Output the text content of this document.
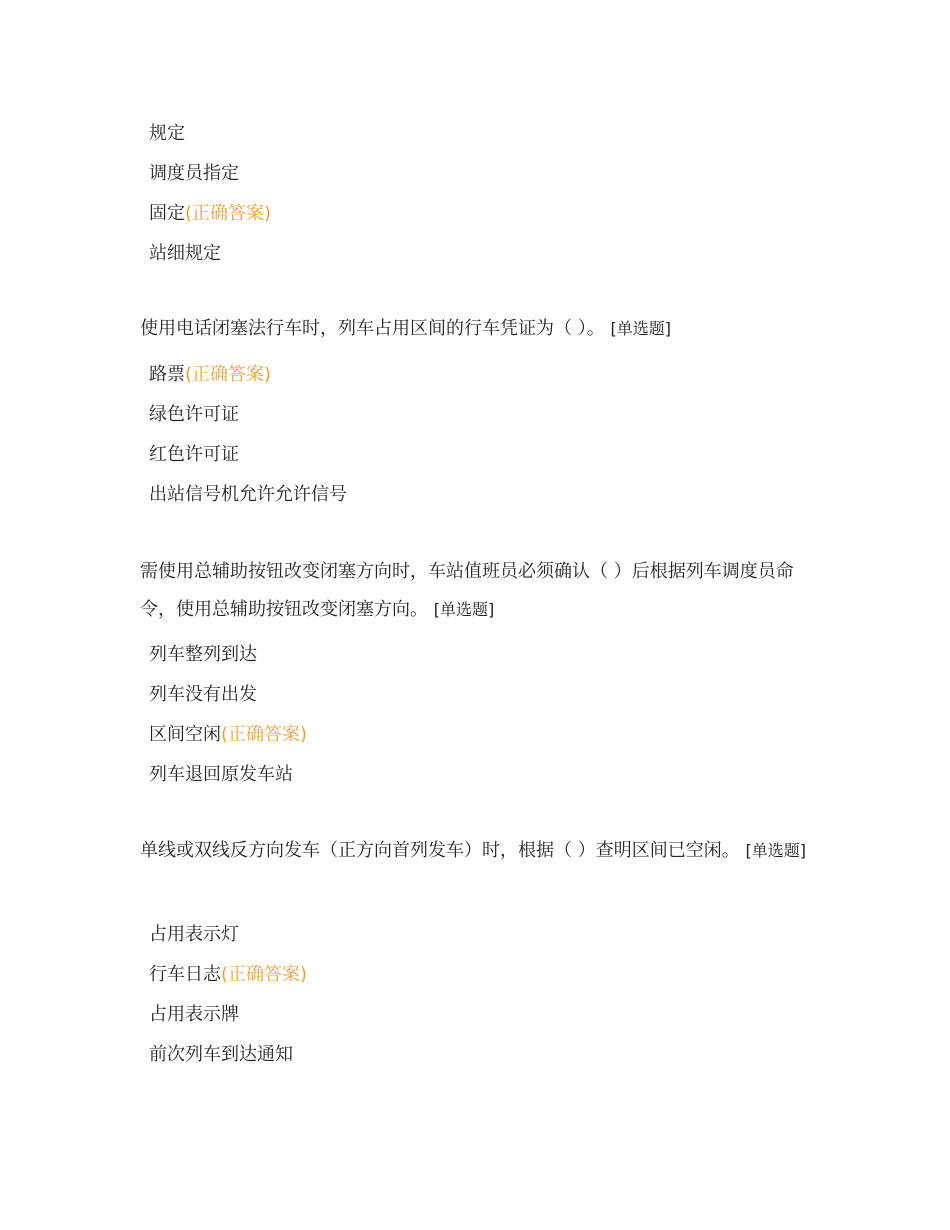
规定
调度员指定
固定(正确答案)
站细规定
使用电话闭塞法行车时，列车占用区间的行车凭证为（ ）。 [单选题]
路票(正确答案)
绿色许可证
红色许可证
出站信号机允许允许信号
需使用总辅助按钮改变闭塞方向时，车站值班员必须确认（ ）后根据列车调度员命令，使用总辅助按钮改变闭塞方向。 [单选题]
列车整列到达
列车没有出发
区间空闲(正确答案)
列车退回原发车站
单线或双线反方向发车（正方向首列发车）时，根据（ ）查明区间已空闲。 [单选题]
占用表示灯
行车日志(正确答案)
占用表示牌
前次列车到达通知
